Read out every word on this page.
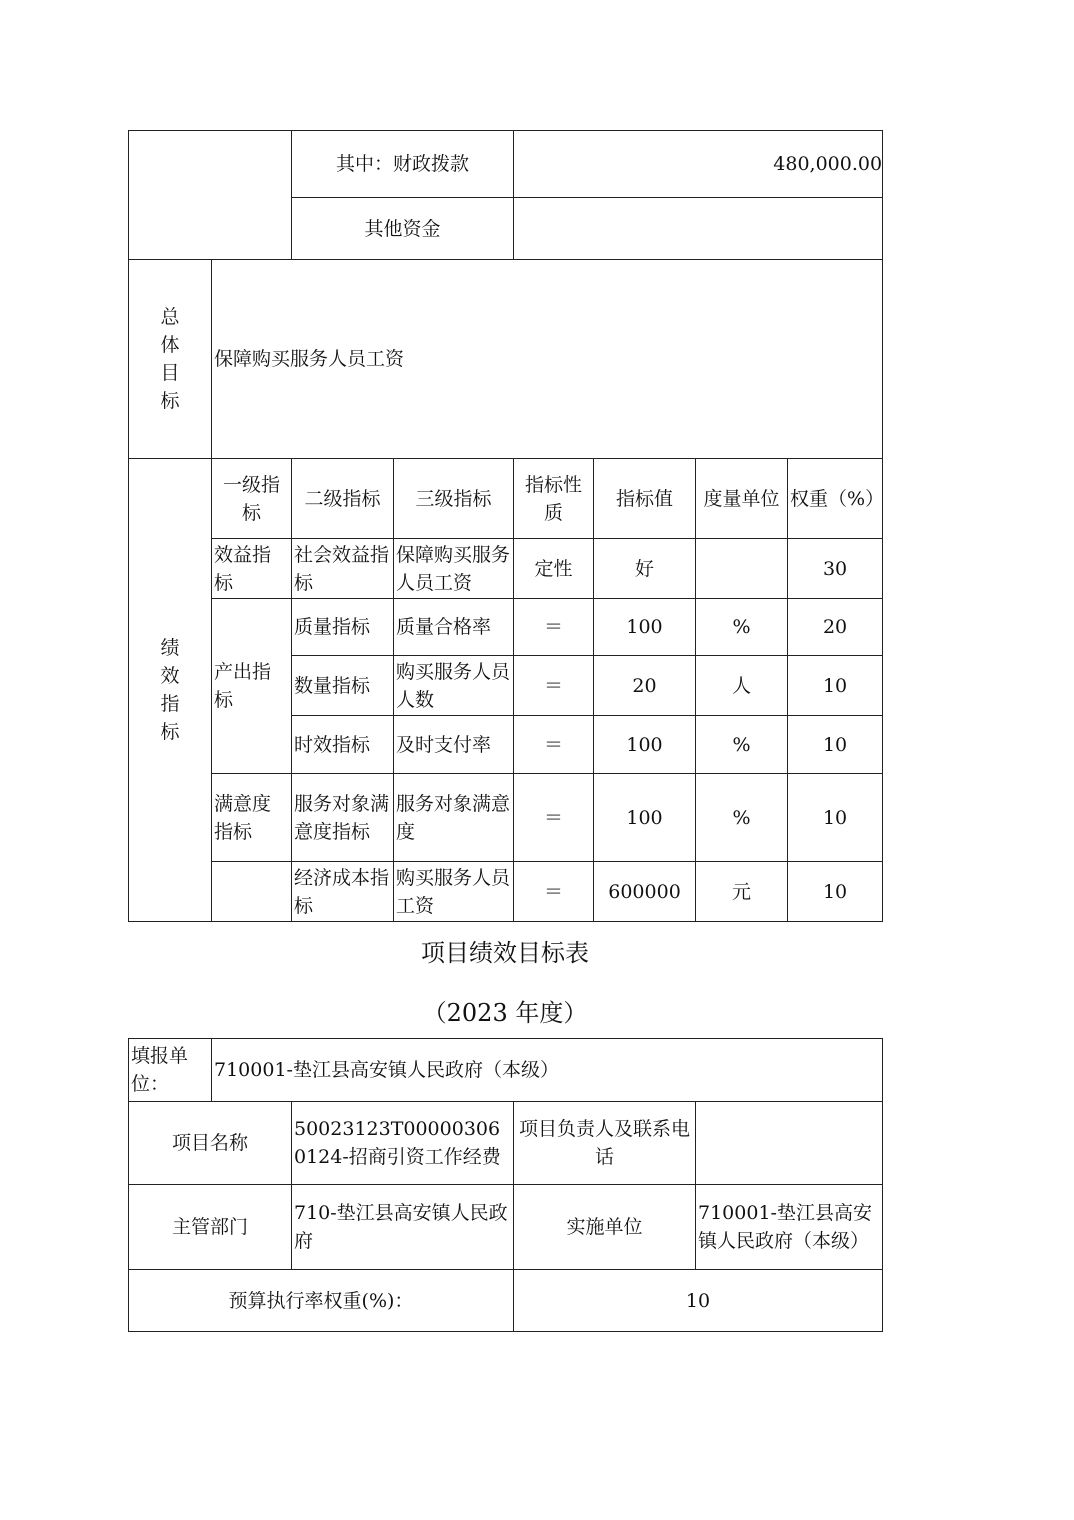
		其中：财政拨款		480,000.00			
		其他资金					

总
体
目
标	保障购买服务人员工资						

绩
效
指
标	一级指标	二级指标	三级指标	指标性质	指标值	度量单位	权重（%）
	效益指标	社会效益指标	保障购买服务人员工资	定性	好		30
	产出指标	质量指标	质量合格率	＝	100	%	20
		数量指标	购买服务人员人数	＝	20	人	10
		时效指标	及时支付率	＝	100	%	10
	满意度指标	服务对象满意度指标	服务对象满意度	＝	100	%	10
		经济成本指标	购买服务人员工资	＝	600000	元	10
项目绩效目标表
（2023 年度）
填报单位：	710001-垫江县高安镇人民政府（本级）			
项目名称		50023123T000003060124-招商引资工作经费	项目负责人及联系电话	
主管部门		710-垫江县高安镇人民政府	实施单位	710001-垫江县高安镇人民政府（本级）
预算执行率权重(%)：			10	
